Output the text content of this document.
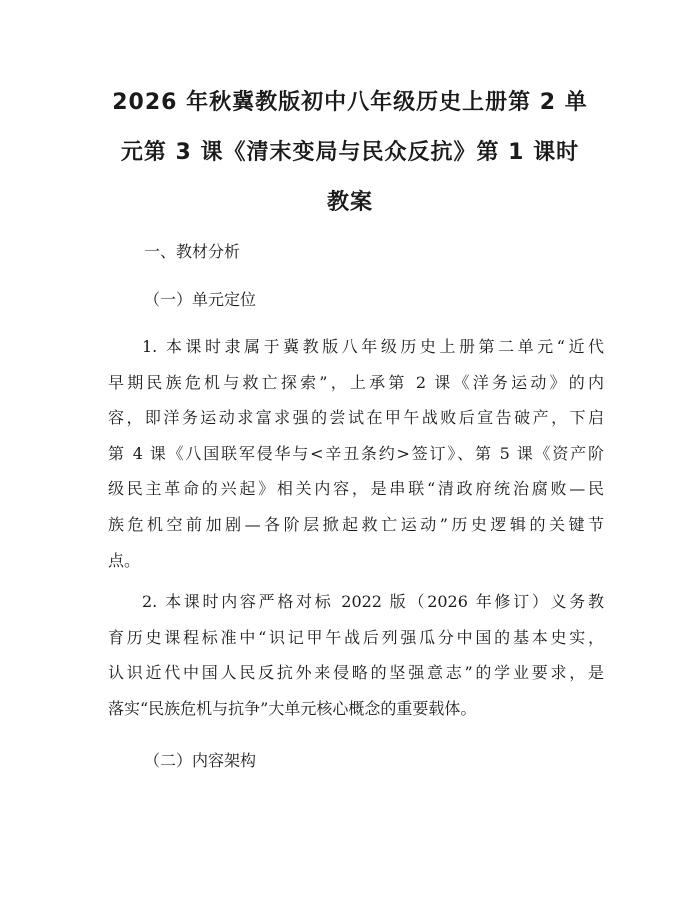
2026 年秋冀教版初中八年级历史上册第 2 单
元第 3 课《清末变局与民众反抗》第 1 课时
教案
一、教材分析
（一）单元定位
1. 本课时隶属于冀教版八年级历史上册第二单元“近代
早期民族危机与救亡探索”，上承第 2 课《洋务运动》的内
容，即洋务运动求富求强的尝试在甲午战败后宣告破产，下启
第 4 课《八国联军侵华与<辛丑条约>签订》、第 5 课《资产阶
级民主革命的兴起》相关内容，是串联“清政府统治腐败—民
族危机空前加剧—各阶层掀起救亡运动”历史逻辑的关键节
点。
2. 本课时内容严格对标 2022 版（2026 年修订）义务教
育历史课程标准中“识记甲午战后列强瓜分中国的基本史实，
认识近代中国人民反抗外来侵略的坚强意志”的学业要求，是
落实“民族危机与抗争”大单元核心概念的重要载体。
（二）内容架构
